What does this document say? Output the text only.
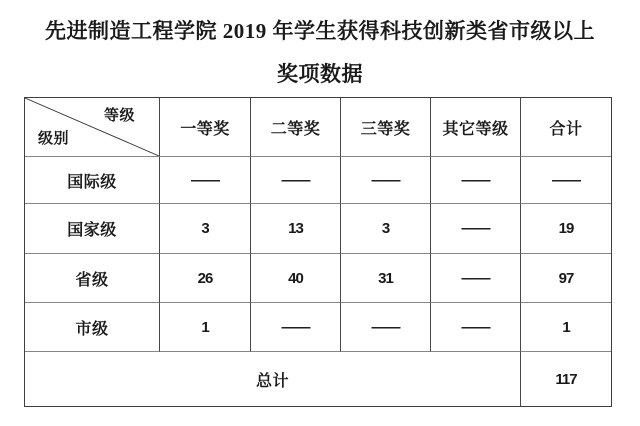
先进制造工程学院 2019 年学生获得科技创新类省市级以上
奖项数据
等级
级别
一等奖	二等奖	三等奖	其它等级	合计
国际级	——	——	——	——	——
国家级	3	13	3	——	19
省级	26	40	31	——	97
市级	1	——	——	——	1
总计	117
